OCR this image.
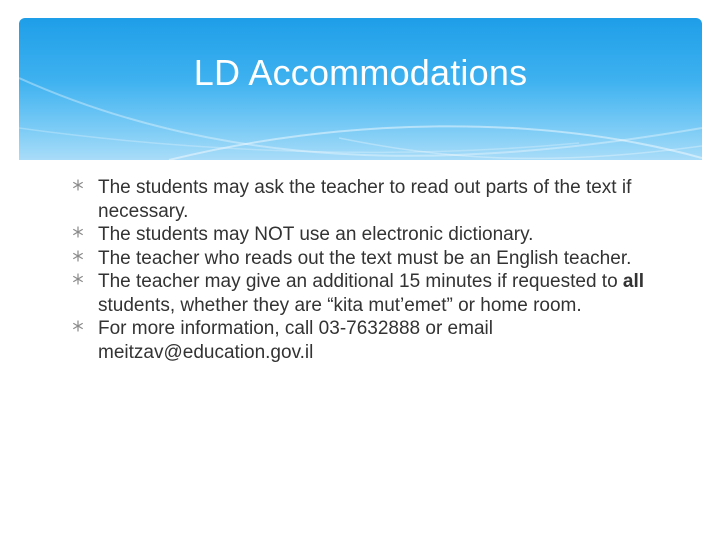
LD Accommodations
The students may ask the teacher to read out parts of the text if necessary.
The students may NOT use an electronic dictionary.
The teacher who reads out the text must be an English teacher.
The teacher may give an additional 15 minutes if requested to all students, whether they are “kita mut’emet” or home room.
For more information, call 03-7632888 or email meitzav@education.gov.il
